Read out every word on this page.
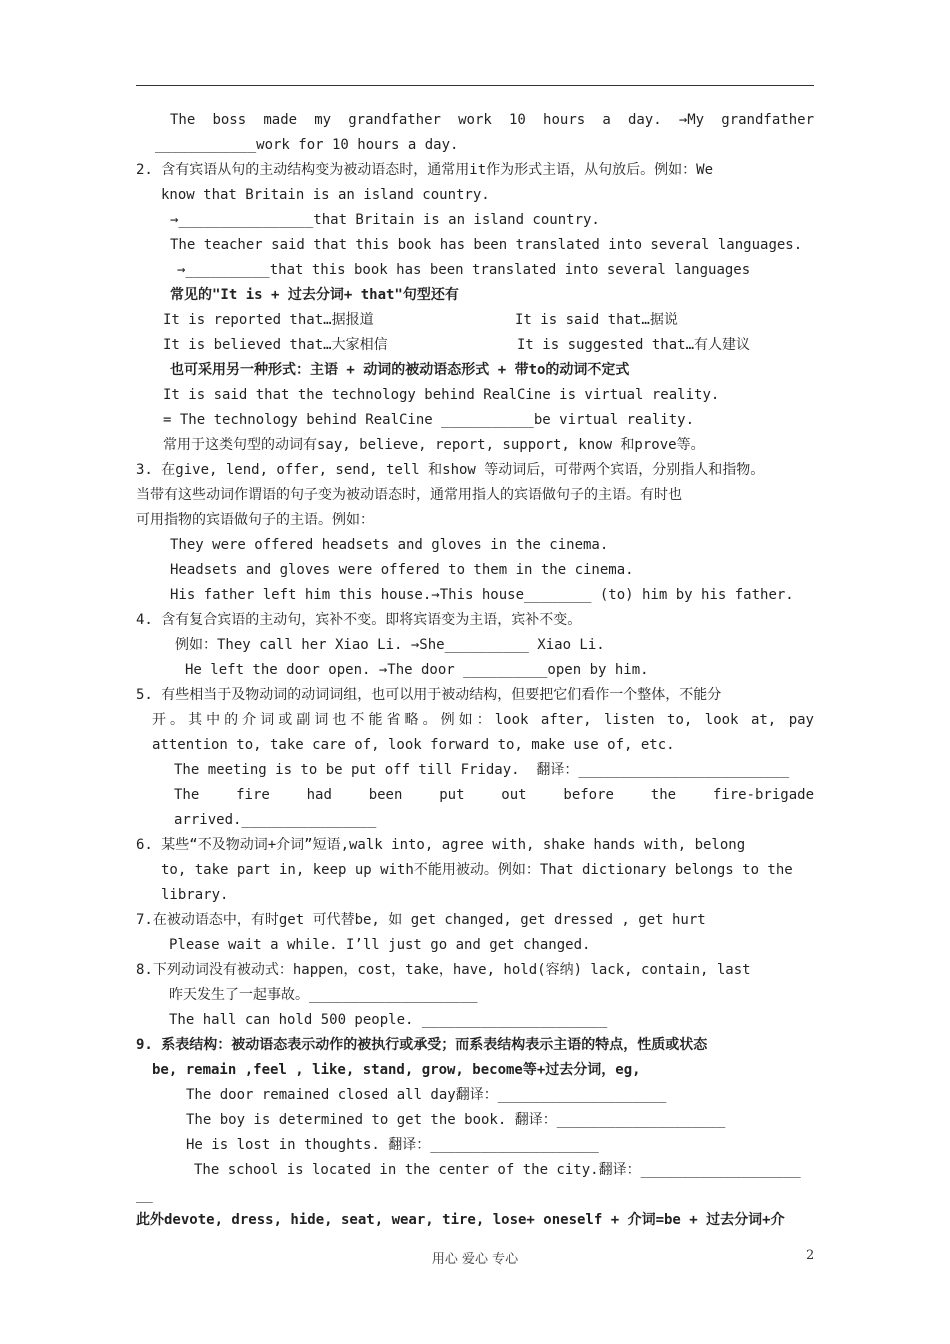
The boss made my grandfather work 10 hours a day. →My grandfather
____________work for 10 hours a day.
2. 含有宾语从句的主动结构变为被动语态时，通常用it作为形式主语，从句放后。例如：We
know that Britain is an island country.
→________________that Britain is an island country.
The teacher said that this book has been translated into several languages.
→__________that this book has been translated into several languages
常见的"It is + 过去分词+ that"句型还有
It is reported that…据报道	It is said that…据说
It is believed that…大家相信	It is suggested that…有人建议
也可采用另一种形式：主语 + 动词的被动语态形式 + 带to的动词不定式
It is said that the technology behind RealCine is virtual reality.
= The technology behind RealCine ___________be virtual reality.
常用于这类句型的动词有say, believe, report, support, know 和prove等。
3. 在give, lend, offer, send, tell 和show 等动词后，可带两个宾语，分别指人和指物。
当带有这些动词作谓语的句子变为被动语态时，通常用指人的宾语做句子的主语。有时也
可用指物的宾语做句子的主语。例如：
They were offered headsets and gloves in the cinema.
Headsets and gloves were offered to them in the cinema.
His father left him this house.→This house________ (to) him by his father.
4. 含有复合宾语的主动句，宾补不变。即将宾语变为主语，宾补不变。
例如：They call her Xiao Li. →She__________ Xiao Li.
He left the door open. →The door __________open by him.
5. 有些相当于及物动词的动词词组，也可以用于被动结构，但要把它们看作一个整体，不能分
开。其中的介词或副词也不能省略。例如：look after, listen to, look at, pay
attention to, take care of, look forward to, make use of, etc.
The meeting is to be put off till Friday.  翻译：_________________________
The fire had been put out before the fire-brigade
arrived.________________
6. 某些“不及物动词+介词”短语,walk into, agree with, shake hands with, belong
to, take part in, keep up with不能用被动。例如：That dictionary belongs to the
library.
7.在被动语态中，有时get 可代替be, 如 get changed, get dressed , get hurt
Please wait a while. I’ll just go and get changed.
8.下列动词没有被动式：happen，cost，take，have, hold(容纳) lack, contain, last
昨天发生了一起事故。____________________
The hall can hold 500 people. ______________________
9. 系表结构：被动语态表示动作的被执行或承受；而系表结构表示主语的特点，性质或状态
be, remain ,feel , like, stand, grow, become等+过去分词，eg,
The door remained closed all day翻译：____________________
The boy is determined to get the book. 翻译：____________________
He is lost in thoughts. 翻译：____________________
The school is located in the center of the city.翻译：___________________
__
此外devote, dress, hide, seat, wear, tire, lose+ oneself + 介词=be + 过去分词+介
用心 爱心 专心	2
